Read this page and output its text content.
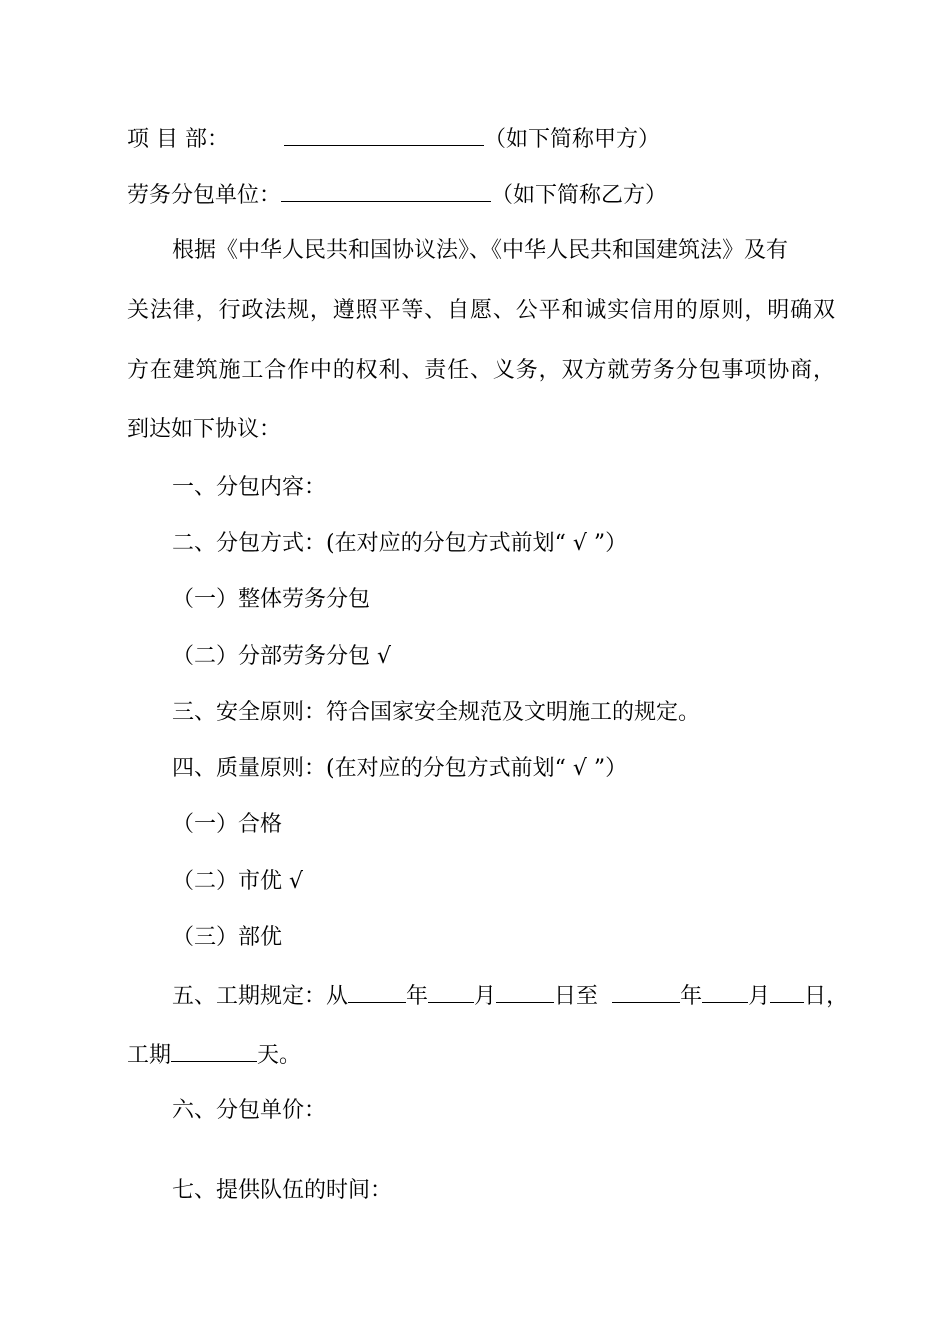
项 目 部：	（如下简称甲方）
劳务分包单位：	（如下简称乙方）
根据《中华人民共和国协议法》、《中华人民共和国建筑法》及有
关法律，行政法规，遵照平等、自愿、公平和诚实信用的原则，明确双
方在建筑施工合作中的权利、责任、义务，双方就劳务分包事项协商，
到达如下协议：
一、分包内容：
二、分包方式：(在对应的分包方式前划“ √ ”）
（一）整体劳务分包
（二）分部劳务分包 √
三、安全原则：符合国家安全规范及文明施工的规定。
四、质量原则：(在对应的分包方式前划“ √ ”）
（一）合格
（二）市优 √
（三）部优
五、工期规定：从	年 月	日至	年 月 日，
工期	天。
六、分包单价：
七、提供队伍的时间：
